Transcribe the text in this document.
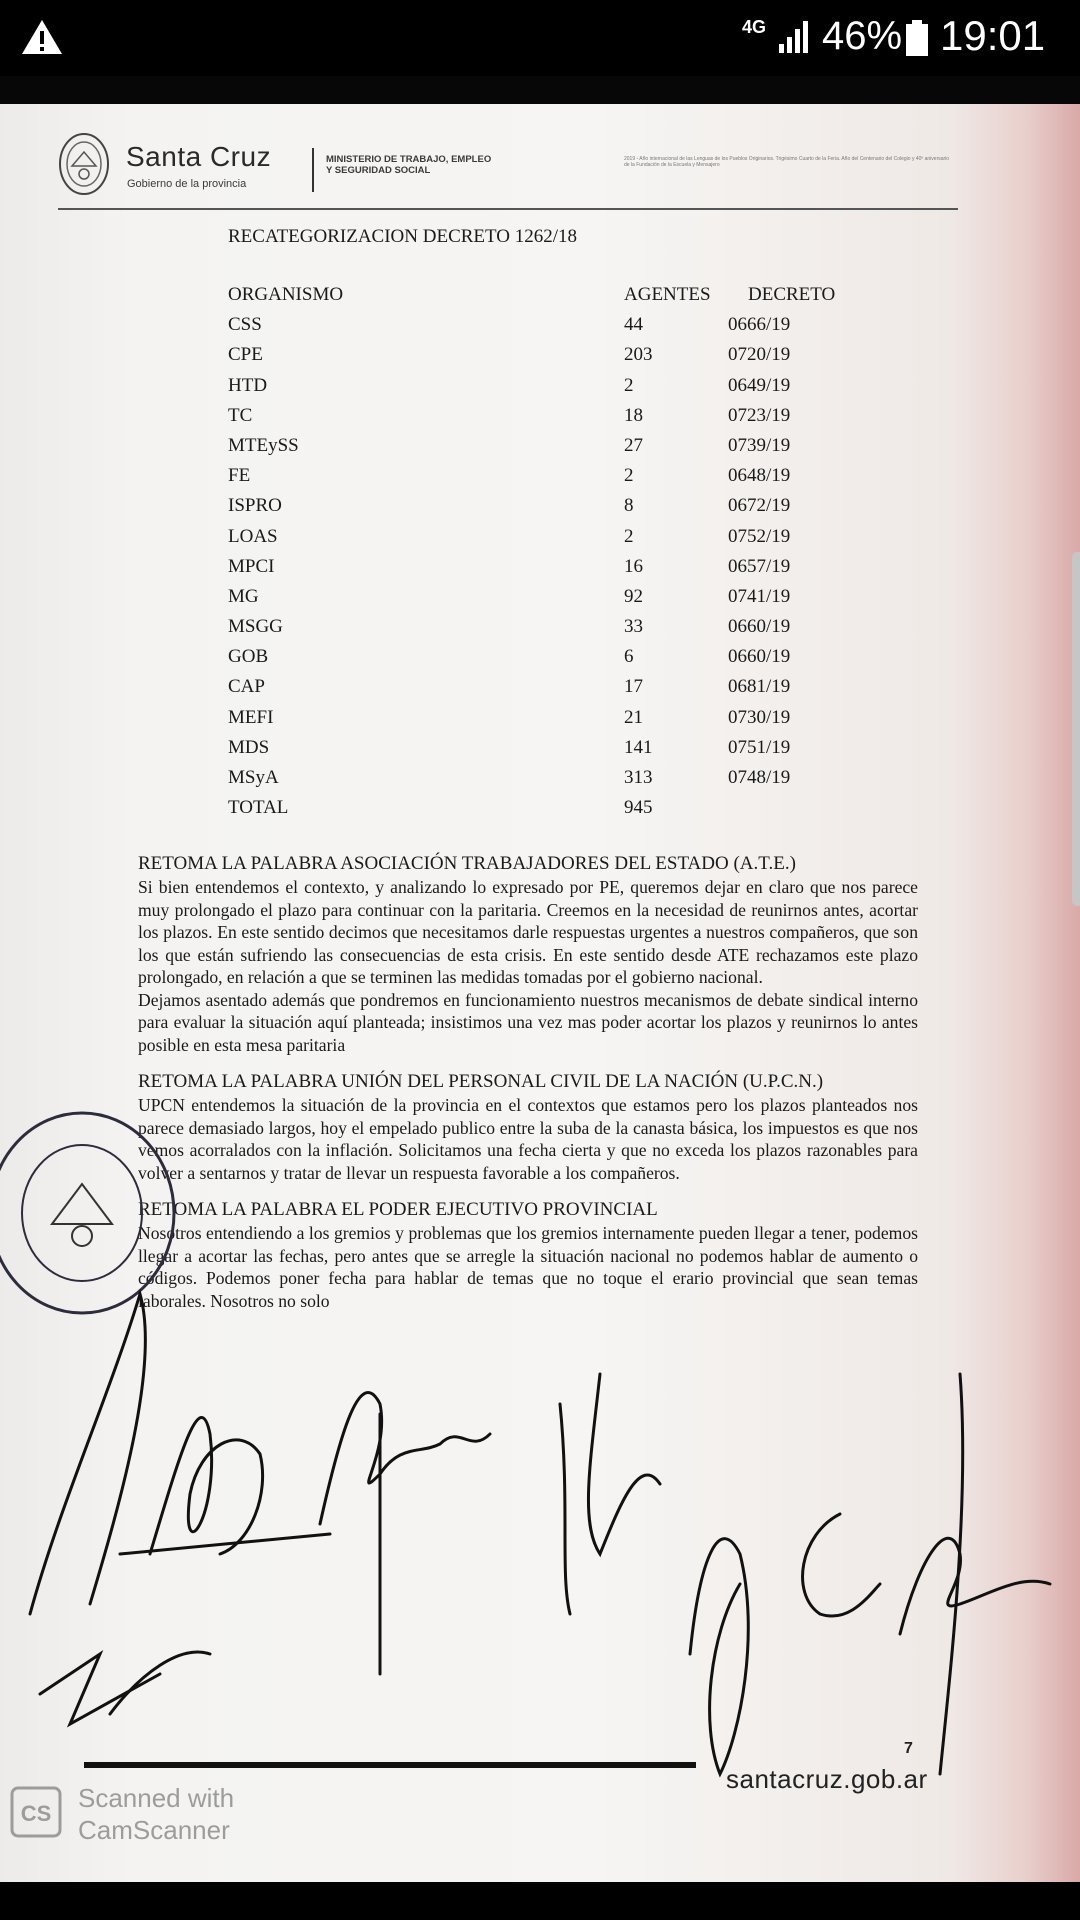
4G 46% 19:01
Santa Cruz
Gobierno de la provincia
MINISTERIO DE TRABAJO, EMPLEO
Y SEGURIDAD SOCIAL
2019 - Año internacional de las Lenguas de los Pueblos Originarios. Trigésimo Cuarto de la Feria. Año del Centenario del Colegio y 40º aniversario de la Fundación de la Escuela y Mensajero
RECATEGORIZACION DECRETO 1262/18
ORGANISMO	AGENTES DECRETO
CSS	44	0666/19
CPE	203	0720/19
HTD	2	0649/19
TC	18	0723/19
MTEySS	27	0739/19
FE	2	0648/19
ISPRO	8	0672/19
LOAS	2	0752/19
MPCI	16	0657/19
MG	92	0741/19
MSGG	33	0660/19
GOB	6	0660/19
CAP	17	0681/19
MEFI	21	0730/19
MDS	141	0751/19
MSyA	313	0748/19
TOTAL	945

RETOMA LA PALABRA ASOCIACIÓN TRABAJADORES DEL ESTADO (A.T.E.)

Si bien entendemos el contexto, y analizando lo expresado por PE, queremos dejar en claro que nos parece muy prolongado el plazo para continuar con la paritaria. Creemos en la necesidad de reunirnos antes, acortar los plazos. En este sentido decimos que necesitamos darle respuestas urgentes a nuestros compañeros, que son los que están sufriendo las consecuencias de esta crisis. En este sentido desde ATE rechazamos este plazo prolongado, en relación a que se terminen las medidas tomadas por el gobierno nacional.

Dejamos asentado además que pondremos en funcionamiento nuestros mecanismos de debate sindical interno para evaluar la situación aquí planteada; insistimos una vez mas poder acortar los plazos y reunirnos lo antes posible en esta mesa paritaria

RETOMA LA PALABRA UNIÓN DEL PERSONAL CIVIL DE LA NACIÓN (U.P.C.N.)

UPCN entendemos la situación de la provincia en el contextos que estamos pero los plazos planteados nos parece demasiado largos, hoy el empelado publico entre la suba de la canasta básica, los impuestos es que nos vemos acorralados con la inflación. Solicitamos una fecha cierta y que no exceda los plazos razonables para volver a sentarnos y tratar de llevar un respuesta favorable a los compañeros.

RETOMA LA PALABRA EL PODER EJECUTIVO PROVINCIAL

Nosotros entendiendo a los gremios y problemas que los gremios internamente pueden llegar a tener, podemos llegar a acortar las fechas, pero antes que se arregle la situación nacional no podemos hablar de aumento o códigos. Podemos poner fecha para hablar de temas que no toque el erario provincial que sean temas laborales. Nosotros no solo

7
santacruz.gob.ar
CS
Scanned with
CamScanner
